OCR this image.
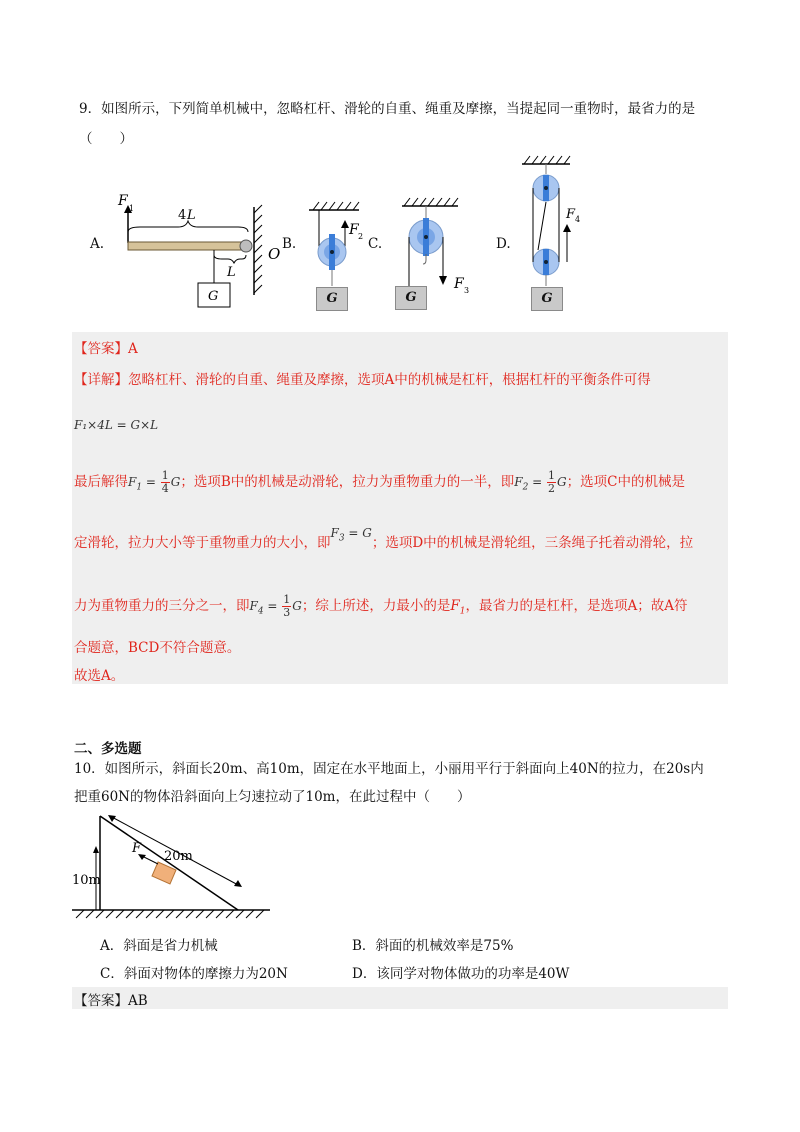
9．如图所示，下列简单机械中，忽略杠杆、滑轮的自重、绳重及摩擦，当提起同一重物时，最省力的是
（　　）
A.
F 1	4 L
G
L
O
B.
F 2
G
C.
F 3
G
D.
F 4
G
【答案】A
【详解】忽略杠杆、滑轮的自重、绳重及摩擦，选项A中的机械是杠杆，根据杠杆的平衡条件可得
F₁×4L = G×L
最后解得$F_1 = \frac{1}{4}$ G；选项B中的机械是动滑轮，拉力为重物重力的一半，即$F_2 = \frac{1}{2}$ G；选项C中的机械是
定滑轮，拉力大小等于重物重力的大小，即$F_3 = G$；选项D中的机械是滑轮组，三条绳子托着动滑轮，拉
力为重物重力的三分之一，即$F_4 = \frac{1}{3}$ G；综上所述，力最小的是$F_1$，最省力的是杠杆，是选项A；故A符
合题意，BCD不符合题意。
故选A。
二、多选题
10．如图所示，斜面长20m、高10m，固定在水平地面上，小丽用平行于斜面向上40N的拉力，在20s内
把重60N的物体沿斜面向上匀速拉动了10m，在此过程中（　　）
F
20m
10m
A．斜面是省力机械	B．斜面的机械效率是75%
C．斜面对物体的摩擦力为20N	D．该同学对物体做功的功率是40W
【答案】AB
